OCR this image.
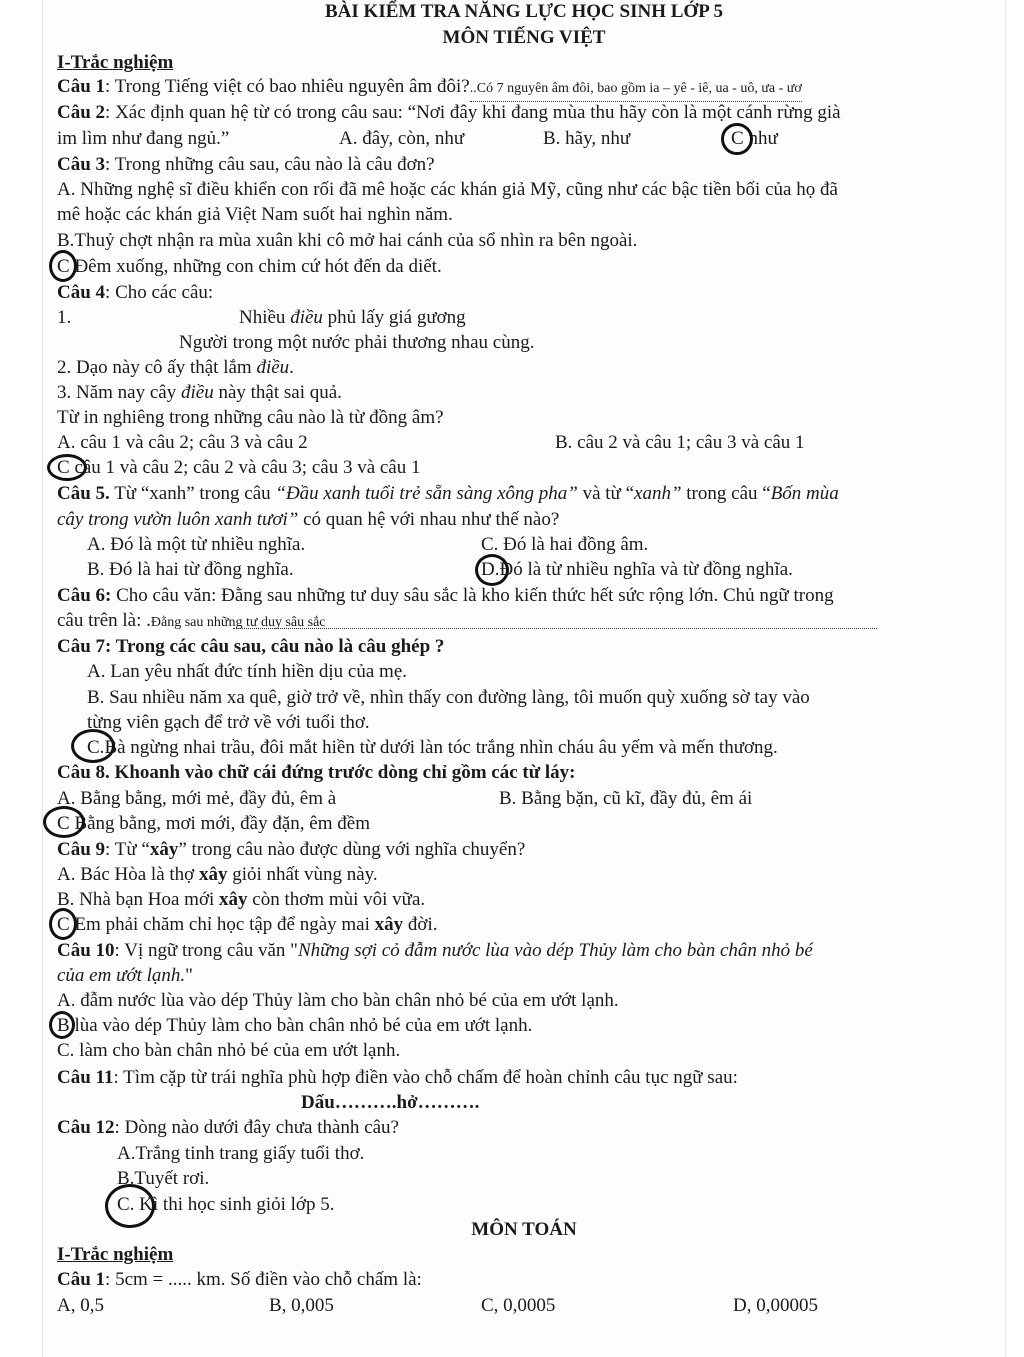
BÀI KIỂM TRA NĂNG LỰC HỌC SINH LỚP 5
MÔN TIẾNG VIỆT
I-Trắc nghiệm
Câu 1: Trong Tiếng việt có bao nhiêu nguyên âm đôi?..Có 7 nguyên âm đôi, bao gồm ia – yê - iê, ua - uô, ưa - ươ
Câu 2: Xác định quan hệ từ có trong câu sau: “Nơi đây khi đang mùa thu hãy còn là một cánh rừng già
im lìm như đang ngủ.”	A. đây, còn, như	B. hãy, như	C như
Câu 3: Trong những câu sau, câu nào là câu đơn?
A. Những nghệ sĩ điều khiển con rối đã mê hoặc các khán giả Mỹ, cũng như các bậc tiền bối của họ đã
mê hoặc các khán giả Việt Nam suốt hai nghìn năm.
B.Thuỷ chợt nhận ra mùa xuân khi cô mở hai cánh của sổ nhìn ra bên ngoài.
C Đêm xuống, những con chim cứ hót đến da diết.
Câu 4: Cho các câu:
1.	Nhiều điều phủ lấy giá gương
Người trong một nước phải thương nhau cùng.
2. Dạo này cô ấy thật lắm điều.
3. Năm nay cây điều này thật sai quả.
Từ in nghiêng trong những câu nào là từ đồng âm?
A. câu 1 và câu 2; câu 3 và câu 2	B. câu 2 và câu 1; câu 3 và câu 1
C câu 1 và câu 2; câu 2 và câu 3; câu 3 và câu 1
Câu 5. Từ “xanh” trong câu “Đầu xanh tuổi trẻ sẵn sàng xông pha” và từ “xanh” trong câu “Bốn mùa
cây trong vườn luôn xanh tươi” có quan hệ với nhau như thế nào?
A. Đó là một từ nhiều nghĩa.	C. Đó là hai đồng âm.
B. Đó là hai từ đồng nghĩa.	D.Đó là từ nhiều nghĩa và từ đồng nghĩa.
Câu 6: Cho câu văn: Đằng sau những tư duy sâu sắc là kho kiến thức hết sức rộng lớn. Chủ ngữ trong
câu trên là: .Đằng sau những tư duy sâu sắc
Câu 7: Trong các câu sau, câu nào là câu ghép ?
A. Lan yêu nhất đức tính hiền dịu của mẹ.
B. Sau nhiều năm xa quê, giờ trở về, nhìn thấy con đường làng, tôi muốn quỳ xuống sờ tay vào
từng viên gạch để trở về với tuổi thơ.
C.Bà ngừng nhai trầu, đôi mắt hiền từ dưới làn tóc trắng nhìn cháu âu yếm và mến thương.
Câu 8. Khoanh vào chữ cái đứng trước dòng chỉ gồm các từ láy:
A. Bằng bằng, mới mẻ, đầy đủ, êm à	B. Bằng bặn, cũ kĩ, đầy đủ, êm ái
C Bằng bằng, mơi mới, đầy đặn, êm đềm
Câu 9: Từ “xây” trong câu nào được dùng với nghĩa chuyển?
A. Bác Hòa là thợ xây giỏi nhất vùng này.
B. Nhà bạn Hoa mới xây còn thơm mùi vôi vữa.
C Em phải chăm chỉ học tập để ngày mai xây đời.
Câu 10: Vị ngữ trong câu văn "Những sợi cỏ đẫm nước lùa vào dép Thủy làm cho bàn chân nhỏ bé
của em ướt lạnh."
A. đẫm nước lùa vào dép Thủy làm cho bàn chân nhỏ bé của em ướt lạnh.
B lùa vào dép Thủy làm cho bàn chân nhỏ bé của em ướt lạnh.
C. làm cho bàn chân nhỏ bé của em ướt lạnh.
Câu 11: Tìm cặp từ trái nghĩa phù hợp điền vào chỗ chấm để hoàn chỉnh câu tục ngữ sau:
Dấu……….hở……….
Câu 12: Dòng nào dưới đây chưa thành câu?
A.Trắng tinh trang giấy tuổi thơ.
B.Tuyết rơi.
C. Kì thi học sinh giỏi lớp 5.
MÔN TOÁN
I-Trắc nghiệm
Câu 1: 5cm = ..... km. Số điền vào chỗ chấm là:
A, 0,5	B, 0,005	C, 0,0005	D, 0,00005
